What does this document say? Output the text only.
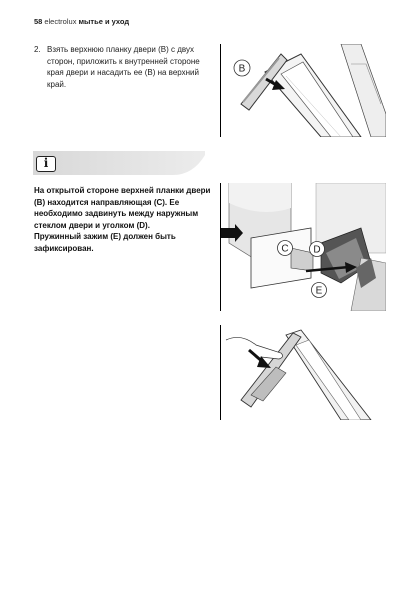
58 electrolux мытье и уход
2. Взять верхнюю планку двери (B) с двух сторон, приложить к внутренней стороне края двери и насадить ее (B) на верхний край.
B
i

На открытой стороне верхней планки двери (B) находится направляющая (C). Ее необходимо задвинуть между наружным стеклом двери и уголком (D).

Пружинный зажим (E) должен быть зафиксирован.	C D
E
